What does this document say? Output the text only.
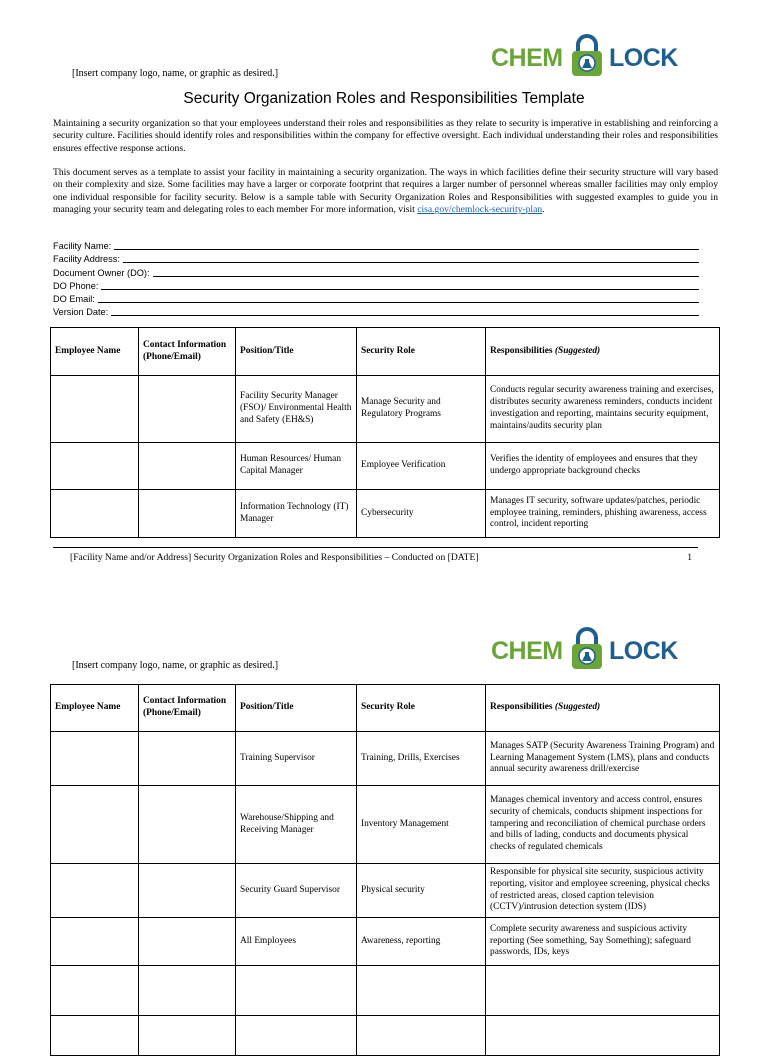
[Insert company logo, name, or graphic as desired.]
CHEM LOCK
Security Organization Roles and Responsibilities Template
Maintaining a security organization so that your employees understand their roles and responsibilities as they relate to security is imperative in establishing and reinforcing a security culture. Facilities should identify roles and responsibilities within the company for effective oversight. Each individual understanding their roles and responsibilities ensures effective response actions.
This document serves as a template to assist your facility in maintaining a security organization. The ways in which facilities define their security structure will vary based on their complexity and size. Some facilities may have a larger or corporate footprint that requires a larger number of personnel whereas smaller facilities may only employ one individual responsible for facility security. Below is a sample table with Security Organization Roles and Responsibilities with suggested examples to guide you in managing your security team and delegating roles to each member For more information, visit cisa.gov/chemlock-security-plan.
Facility Name:
Facility Address:
Document Owner (DO):
DO Phone:
DO Email:
Version Date:
Employee Name	Contact Information (Phone/Email)	Position/Title	Security Role	Responsibilities (Suggested)
		Facility Security Manager (FSO)/ Environmental Health and Safety (EH&S)	Manage Security and Regulatory Programs	Conducts regular security awareness training and exercises, distributes security awareness reminders, conducts incident investigation and reporting, maintains security equipment, maintains/audits security plan
		Human Resources/ Human Capital Manager	Employee Verification	Verifies the identity of employees and ensures that they undergo appropriate background checks
		Information Technology (IT) Manager	Cybersecurity	Manages IT security, software updates/patches, periodic employee training, reminders, phishing awareness, access control, incident reporting
[Facility Name and/or Address] Security Organization Roles and Responsibilities – Conducted on [DATE]	1
[Insert company logo, name, or graphic as desired.]
CHEM LOCK
Employee Name	Contact Information (Phone/Email)	Position/Title	Security Role	Responsibilities (Suggested)
		Training Supervisor	Training, Drills, Exercises	Manages SATP (Security Awareness Training Program) and Learning Management System (LMS), plans and conducts annual security awareness drill/exercise
		Warehouse/Shipping and Receiving Manager	Inventory Management	Manages chemical inventory and access control, ensures security of chemicals, conducts shipment inspections for tampering and reconciliation of chemical purchase orders and bills of lading, conducts and documents physical checks of regulated chemicals
		Security Guard Supervisor	Physical security	Responsible for physical site security, suspicious activity reporting, visitor and employee screening, physical checks of restricted areas, closed caption television (CCTV)/intrusion detection system (IDS)
		All Employees	Awareness, reporting	Complete security awareness and suspicious activity reporting (See something, Say Something); safeguard passwords, IDs, keys
